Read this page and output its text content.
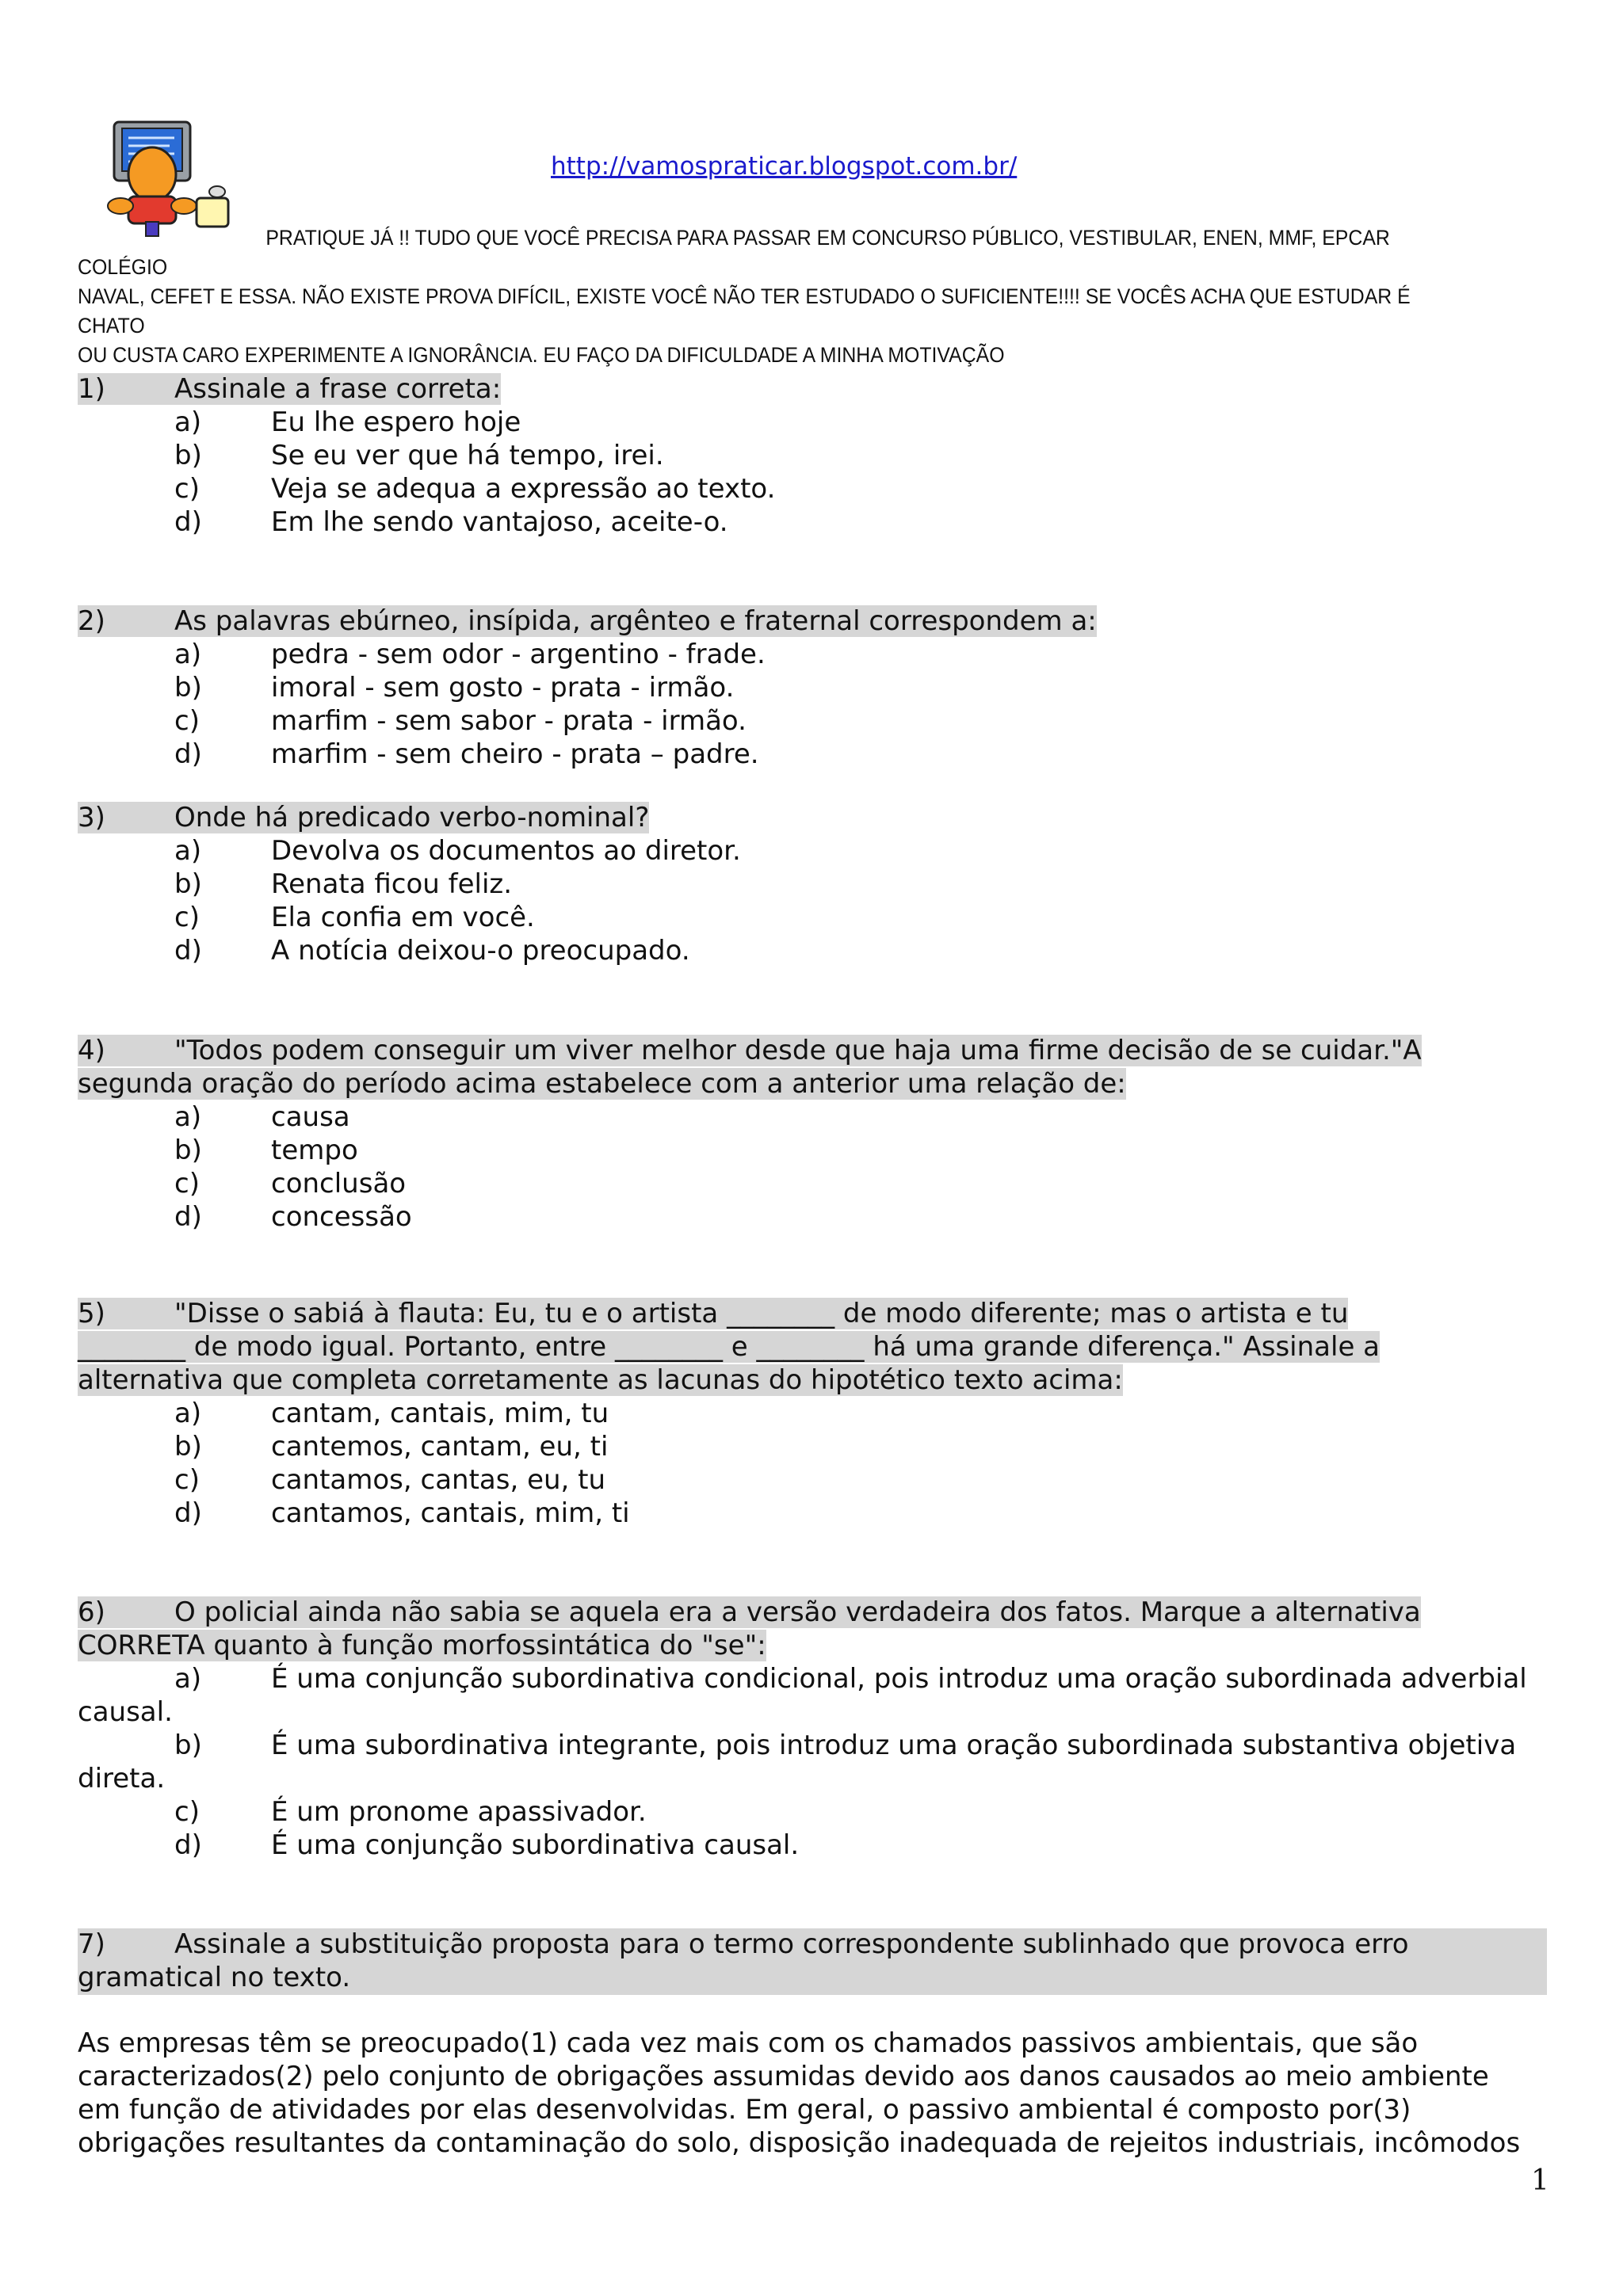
http://vamospraticar.blogspot.com.br/
PRATIQUE JÁ !! TUDO QUE VOCÊ PRECISA PARA PASSAR EM CONCURSO PÚBLICO, VESTIBULAR, ENEN, MMF, EPCAR COLÉGIO
NAVAL, CEFET E ESSA. NÃO EXISTE PROVA DIFÍCIL, EXISTE VOCÊ NÃO TER ESTUDADO O SUFICIENTE!!!! SE VOCÊS ACHA QUE ESTUDAR É CHATO
OU CUSTA CARO EXPERIMENTE A IGNORÂNCIA. EU FAÇO DA DIFICULDADE A MINHA MOTIVAÇÃO
1)	Assinale a frase correta:
a)	Eu lhe espero hoje
b)	Se eu ver que há tempo, irei.
c)	Veja se adequa a expressão ao texto.
d)	Em lhe sendo vantajoso, aceite-o.
2)	As palavras ebúrneo, insípida, argênteo e fraternal correspondem a:
a)	pedra - sem odor - argentino - frade.
b)	imoral - sem gosto - prata - irmão.
c)	marfim - sem sabor - prata - irmão.
d)	marfim - sem cheiro - prata – padre.
3)	Onde há predicado verbo-nominal?
a)	Devolva os documentos ao diretor.
b)	Renata ficou feliz.
c)	Ela confia em você.
d)	A notícia deixou-o preocupado.
4)	"Todos podem conseguir um viver melhor desde que haja uma firme decisão de se cuidar."A
segunda oração do período acima estabelece com a anterior uma relação de:
a)	causa
b)	tempo
c)	conclusão
d)	concessão
5)	"Disse o sabiá à flauta: Eu, tu e o artista ________ de modo diferente; mas o artista e tu
________ de modo igual. Portanto, entre ________ e ________ há uma grande diferença." Assinale a
alternativa que completa corretamente as lacunas do hipotético texto acima:
a)	cantam, cantais, mim, tu
b)	cantemos, cantam, eu, ti
c)	cantamos, cantas, eu, tu
d)	cantamos, cantais, mim, ti
6)	O policial ainda não sabia se aquela era a versão verdadeira dos fatos. Marque a alternativa
CORRETA quanto à função morfossintática do "se":
a)	É uma conjunção subordinativa condicional, pois introduz uma oração subordinada adverbial
causal.
b)	É uma subordinativa integrante, pois introduz uma oração subordinada substantiva objetiva
direta.
c)	É um pronome apassivador.
d)	É uma conjunção subordinativa causal.
7)	Assinale a substituição proposta para o termo correspondente sublinhado que provoca erro
gramatical no texto.
As empresas têm se preocupado(1) cada vez mais com os chamados passivos ambientais, que são
caracterizados(2) pelo conjunto de obrigações assumidas devido aos danos causados ao meio ambiente
em função de atividades por elas desenvolvidas. Em geral, o passivo ambiental é composto por(3)
obrigações resultantes da contaminação do solo, disposição inadequada de rejeitos industriais, incômodos
1
